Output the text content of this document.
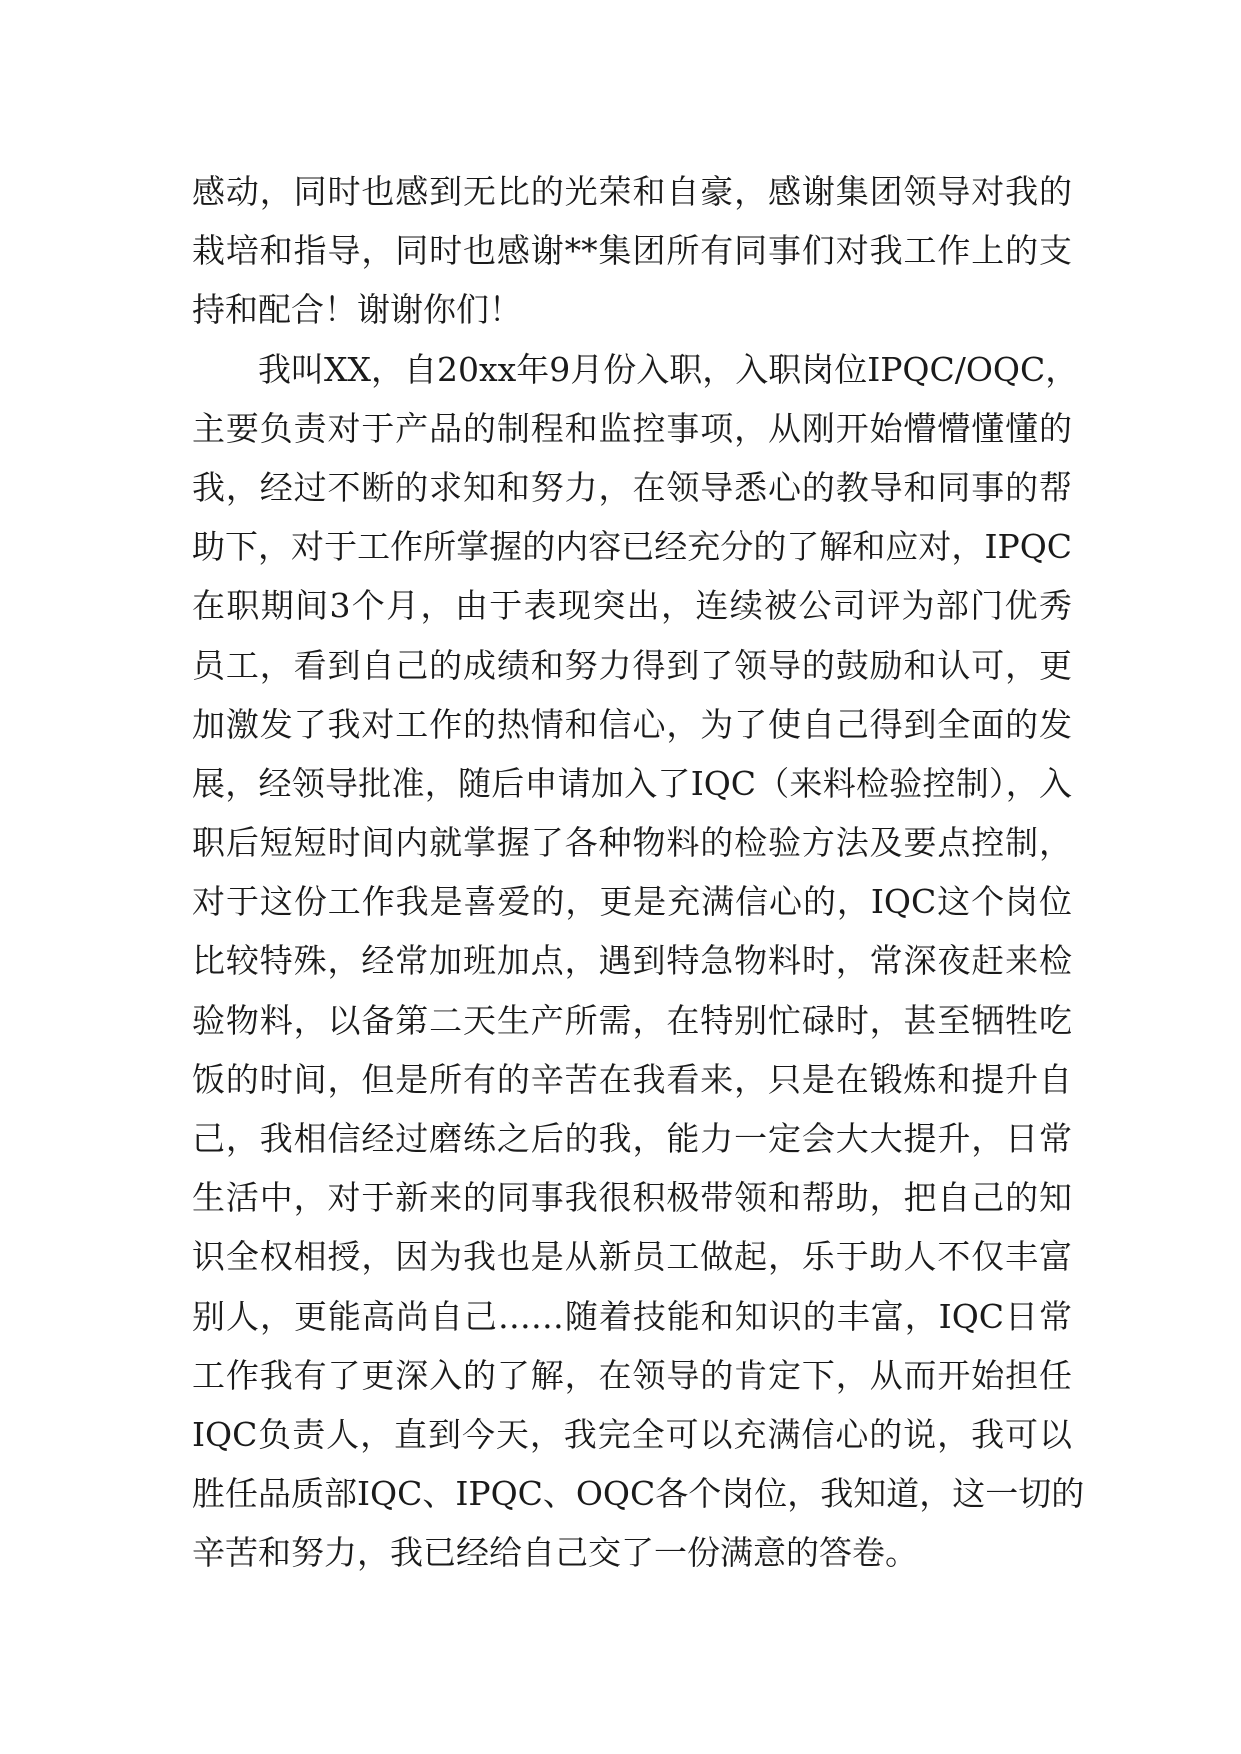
感动，同时也感到无比的光荣和自豪，感谢集团领导对我的
栽培和指导，同时也感谢**集团所有同事们对我工作上的支
持和配合！谢谢你们！
我叫XX，自20xx年9月份入职，入职岗位IPQC/OQC，
主要负责对于产品的制程和监控事项，从刚开始懵懵懂懂的
我，经过不断的求知和努力，在领导悉心的教导和同事的帮
助下，对于工作所掌握的内容已经充分的了解和应对，IPQC
在职期间3个月，由于表现突出，连续被公司评为部门优秀
员工，看到自己的成绩和努力得到了领导的鼓励和认可，更
加激发了我对工作的热情和信心，为了使自己得到全面的发
展，经领导批准，随后申请加入了IQC（来料检验控制），入
职后短短时间内就掌握了各种物料的检验方法及要点控制，
对于这份工作我是喜爱的，更是充满信心的，IQC这个岗位
比较特殊，经常加班加点，遇到特急物料时，常深夜赶来检
验物料，以备第二天生产所需，在特别忙碌时，甚至牺牲吃
饭的时间，但是所有的辛苦在我看来，只是在锻炼和提升自
己，我相信经过磨练之后的我，能力一定会大大提升，日常
生活中，对于新来的同事我很积极带领和帮助，把自己的知
识全权相授，因为我也是从新员工做起，乐于助人不仅丰富
别人，更能高尚自己……随着技能和知识的丰富，IQC日常
工作我有了更深入的了解，在领导的肯定下，从而开始担任
IQC负责人，直到今天，我完全可以充满信心的说，我可以
胜任品质部IQC、IPQC、OQC各个岗位，我知道，这一切的
辛苦和努力，我已经给自己交了一份满意的答卷。
